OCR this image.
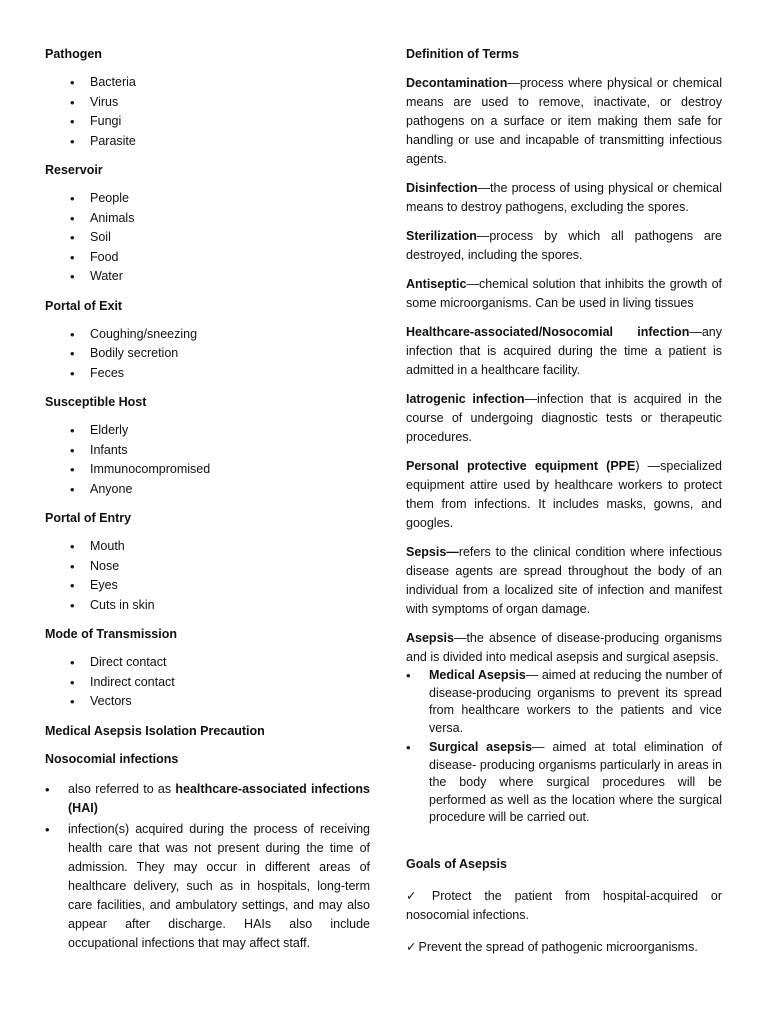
Pathogen

• Bacteria
• Virus
• Fungi
• Parasite

Reservoir

• People
• Animals
• Soil
• Food
• Water

Portal of Exit

• Coughing/sneezing
• Bodily secretion
• Feces

Susceptible Host

• Elderly
• Infants
• Immunocompromised
• Anyone

Portal of Entry

• Mouth
• Nose
• Eyes
• Cuts in skin

Mode of Transmission

• Direct contact
• Indirect contact
• Vectors

Medical Asepsis Isolation Precaution

Nosocomial infections

• also referred to as healthcare-associated infections (HAI)
• infection(s) acquired during the process of receiving health care that was not present during the time of admission. They may occur in different areas of healthcare delivery, such as in hospitals, long-term care facilities, and ambulatory settings, and may also appear after discharge. HAIs also include occupational infections that may affect staff.

Definition of Terms

Decontamination—process where physical or chemical means are used to remove, inactivate, or destroy pathogens on a surface or item making them safe for handling or use and incapable of transmitting infectious agents.

Disinfection—the process of using physical or chemical means to destroy pathogens, excluding the spores.

Sterilization—process by which all pathogens are destroyed, including the spores.

Antiseptic—chemical solution that inhibits the growth of some microorganisms. Can be used in living tissues

Healthcare-associated/Nosocomial infection—any infection that is acquired during the time a patient is admitted in a healthcare facility.

Iatrogenic infection—infection that is acquired in the course of undergoing diagnostic tests or therapeutic procedures.

Personal protective equipment (PPE) —specialized equipment attire used by healthcare workers to protect them from infections. It includes masks, gowns, and googles.

Sepsis—refers to the clinical condition where infectious disease agents are spread throughout the body of an individual from a localized site of infection and manifest with symptoms of organ damage.

Asepsis—the absence of disease-producing organisms and is divided into medical asepsis and surgical asepsis.

• Medical Asepsis— aimed at reducing the number of disease-producing organisms to prevent its spread from healthcare workers to the patients and vice versa.
• Surgical asepsis— aimed at total elimination of disease- producing organisms particularly in areas in the body where surgical procedures will be performed as well as the location where the surgical procedure will be carried out.

Goals of Asepsis

✓ Protect the patient from hospital-acquired or nosocomial infections.

✓ Prevent the spread of pathogenic microorganisms.
